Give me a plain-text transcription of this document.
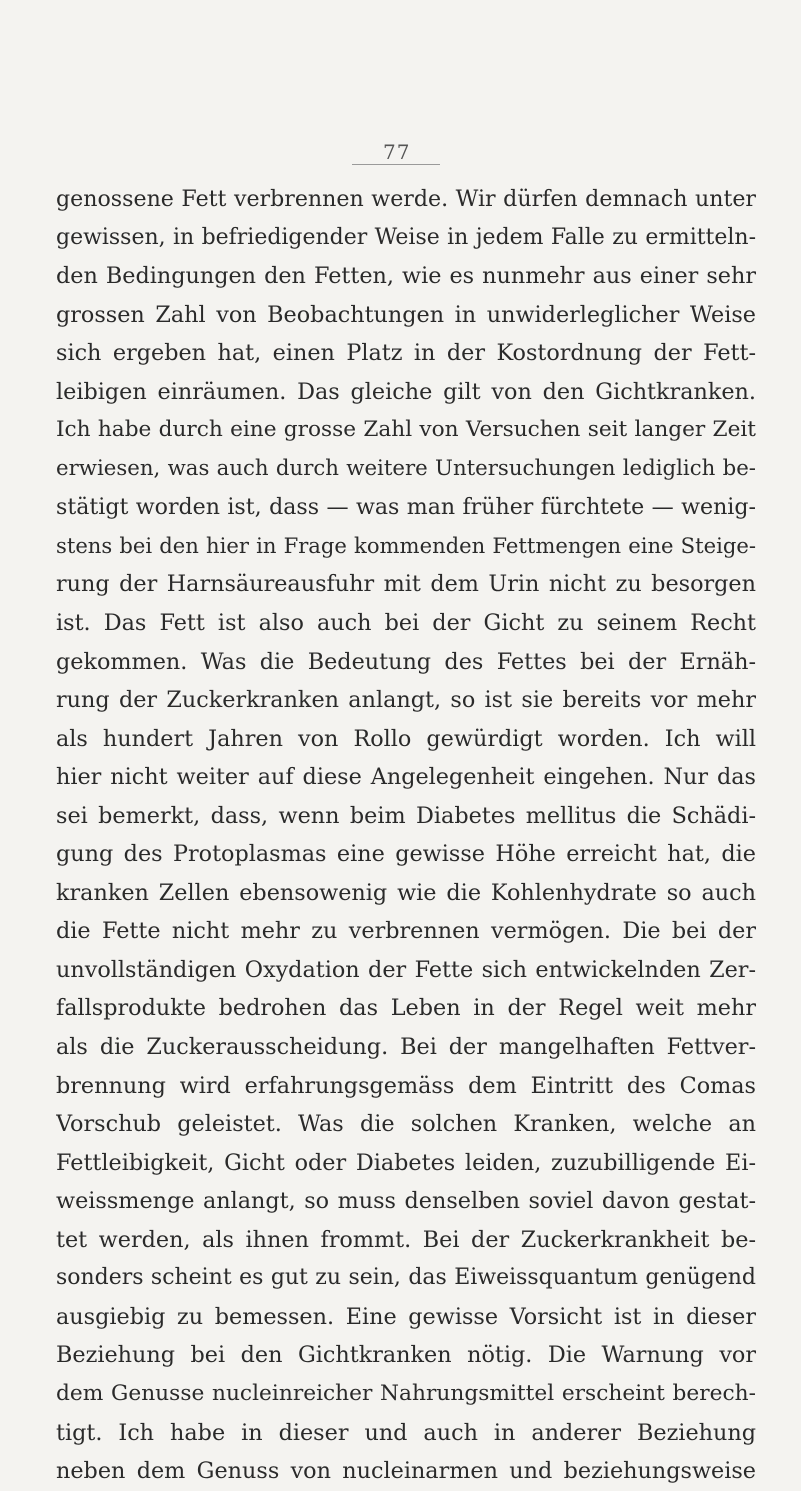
77
genossene Fett verbrennen werde. Wir dürfen demnach unter
gewissen, in befriedigender Weise in jedem Falle zu ermitteln-
den Bedingungen den Fetten, wie es nunmehr aus einer sehr
grossen Zahl von Beobachtungen in unwiderleglicher Weise
sich ergeben hat, einen Platz in der Kostordnung der Fett-
leibigen einräumen. Das gleiche gilt von den Gichtkranken.
Ich habe durch eine grosse Zahl von Versuchen seit langer Zeit
erwiesen, was auch durch weitere Untersuchungen lediglich be-
stätigt worden ist, dass — was man früher fürchtete — wenig-
stens bei den hier in Frage kommenden Fettmengen eine Steige-
rung der Harnsäureausfuhr mit dem Urin nicht zu besorgen
ist. Das Fett ist also auch bei der Gicht zu seinem Recht
gekommen. Was die Bedeutung des Fettes bei der Ernäh-
rung der Zuckerkranken anlangt, so ist sie bereits vor mehr
als hundert Jahren von Rollo gewürdigt worden. Ich will
hier nicht weiter auf diese Angelegenheit eingehen. Nur das
sei bemerkt, dass, wenn beim Diabetes mellitus die Schädi-
gung des Protoplasmas eine gewisse Höhe erreicht hat, die
kranken Zellen ebensowenig wie die Kohlenhydrate so auch
die Fette nicht mehr zu verbrennen vermögen. Die bei der
unvollständigen Oxydation der Fette sich entwickelnden Zer-
fallsprodukte bedrohen das Leben in der Regel weit mehr
als die Zuckerausscheidung. Bei der mangelhaften Fettver-
brennung wird erfahrungsgemäss dem Eintritt des Comas
Vorschub geleistet. Was die solchen Kranken, welche an
Fettleibigkeit, Gicht oder Diabetes leiden, zuzubilligende Ei-
weissmenge anlangt, so muss denselben soviel davon gestat-
tet werden, als ihnen frommt. Bei der Zuckerkrankheit be-
sonders scheint es gut zu sein, das Eiweissquantum genügend
ausgiebig zu bemessen. Eine gewisse Vorsicht ist in dieser
Beziehung bei den Gichtkranken nötig. Die Warnung vor
dem Genusse nucleinreicher Nahrungsmittel erscheint berech-
tigt. Ich habe in dieser und auch in anderer Beziehung
neben dem Genuss von nucleinarmen und beziehungsweise
